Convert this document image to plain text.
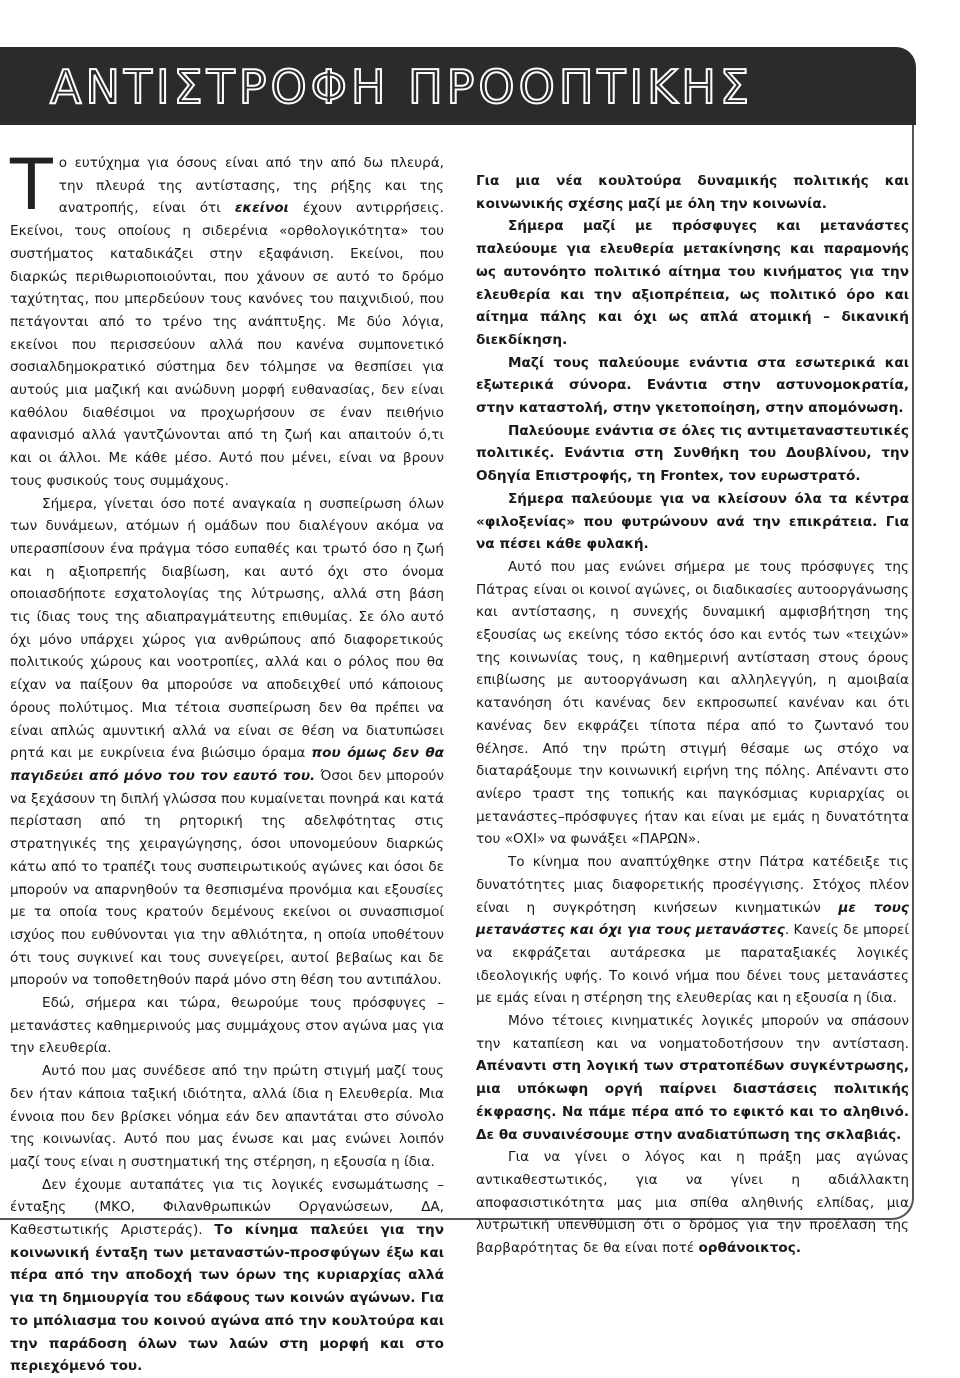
ΑΝΤΙΣΤΡΟΦΗ ΠΡΟΟΠΤΙΚΗΣ

Το ευτύχημα για όσους είναι από την από δω πλευρά, την πλευρά της αντίστασης, της ρήξης και της ανατροπής, είναι ότι εκείνοι έχουν αντιρρήσεις. Εκείνοι, τους οποίους η σιδερένια «ορθολογικότητα» του συστήματος καταδικάζει στην εξαφάνιση. Εκείνοι, που διαρκώς περιθωριοποιούνται, που χάνουν σε αυτό το δρόμο ταχύτητας, που μπερδεύουν τους κανόνες του παιχνιδιού, που πετάγονται από το τρένο της ανάπτυξης. Με δύο λόγια, εκείνοι που περισσεύουν αλλά που κανένα συμπονετικό σοσιαλδημοκρατικό σύστημα δεν τόλμησε να θεσπίσει για αυτούς μια μαζική και ανώδυνη μορφή ευθανασίας, δεν είναι καθόλου διαθέσιμοι να προχωρήσουν σε έναν πειθήνιο αφανισμό αλλά γαντζώνονται από τη ζωή και απαιτούν ό,τι και οι άλλοι. Με κάθε μέσο. Αυτό που μένει, είναι να βρουν τους φυσικούς τους συμμάχους.

Σήμερα, γίνεται όσο ποτέ αναγκαία η συσπείρωση όλων των δυνάμεων, ατόμων ή ομάδων που διαλέγουν ακόμα να υπερασπίσουν ένα πράγμα τόσο ευπαθές και τρωτό όσο η ζωή και η αξιοπρεπής διαβίωση, και αυτό όχι στο όνομα οποιασδήποτε εσχατολογίας της λύτρωσης, αλλά στη βάση τις ίδιας τους της αδιαπραγμάτευτης επιθυμίας. Σε όλο αυτό όχι μόνο υπάρχει χώρος για ανθρώπους από διαφορετικούς πολιτικούς χώρους και νοοτροπίες, αλλά και ο ρόλος που θα είχαν να παίξουν θα μπορούσε να αποδειχθεί υπό κάποιους όρους πολύτιμος. Μια τέτοια συσπείρωση δεν θα πρέπει να είναι απλώς αμυντική αλλά να είναι σε θέση να διατυπώσει ρητά και με ευκρίνεια ένα βιώσιμο όραμα που όμως δεν θα παγιδεύει από μόνο του τον εαυτό του. Όσοι δεν μπορούν να ξεχάσουν τη διπλή γλώσσα που κυμαίνεται πονηρά και κατά περίσταση από τη ρητορική της αδελφότητας στις στρατηγικές της χειραγώγησης, όσοι υπονομεύουν διαρκώς κάτω από το τραπέζι τους συσπειρωτικούς αγώνες και όσοι δε μπορούν να απαρνηθούν τα θεσπισμένα προνόμια και εξουσίες με τα οποία τους κρατούν δεμένους εκείνοι οι συνασπισμοί ισχύος που ευθύνονται για την αθλιότητα, η οποία υποθέτουν ότι τους συγκινεί και τους συνεγείρει, αυτοί βεβαίως και δε μπορούν να τοποθετηθούν παρά μόνο στη θέση του αντιπάλου.

Εδώ, σήμερα και τώρα, θεωρούμε τους πρόσφυγες – μετανάστες καθημερινούς μας συμμάχους στον αγώνα μας για την ελευθερία.

Αυτό που μας συνέδεσε από την πρώτη στιγμή μαζί τους δεν ήταν κάποια ταξική ιδιότητα, αλλά ίδια η Ελευθερία. Μια έννοια που δεν βρίσκει νόημα εάν δεν απαντάται στο σύνολο της κοινωνίας. Αυτό που μας ένωσε και μας ενώνει λοιπόν μαζί τους είναι η συστηματική της στέρηση, η εξουσία η ίδια.

Δεν έχουμε αυταπάτες για τις λογικές ενσωμάτωσης – ένταξης (ΜΚΟ, Φιλανθρωπικών Οργανώσεων, ΔΑ, Καθεστωτικής Αριστεράς). Το κίνημα παλεύει για την κοινωνική ένταξη των μεταναστών-προσφύγων έξω και πέρα από την αποδοχή των όρων της κυριαρχίας αλλά για τη δημιουργία του εδάφους των κοινών αγώνων. Για το μπόλιασμα του κοινού αγώνα από την κουλτούρα και την παράδοση όλων των λαών στη μορφή και στο περιεχόμενό του.

Για μια νέα κουλτούρα δυναμικής πολιτικής και κοινωνικής σχέσης μαζί με όλη την κοινωνία.

Σήμερα μαζί με πρόσφυγες και μετανάστες παλεύουμε για ελευθερία μετακίνησης και παραμονής ως αυτονόητο πολιτικό αίτημα του κινήματος για την ελευθερία και την αξιοπρέπεια, ως πολιτικό όρο και αίτημα πάλης και όχι ως απλά ατομική – δικανική διεκδίκηση.

Μαζί τους παλεύουμε ενάντια στα εσωτερικά και εξωτερικά σύνορα. Ενάντια στην αστυνομοκρατία, στην καταστολή, στην γκετοποίηση, στην απομόνωση.

Παλεύουμε ενάντια σε όλες τις αντιμεταναστευτικές πολιτικές. Ενάντια στη Συνθήκη του Δουβλίνου, την Οδηγία Επιστροφής, τη Frontex, τον ευρωστρατό.

Σήμερα παλεύουμε για να κλείσουν όλα τα κέντρα «φιλοξενίας» που φυτρώνουν ανά την επικράτεια. Για να πέσει κάθε φυλακή.

Αυτό που μας ενώνει σήμερα με τους πρόσφυγες της Πάτρας είναι οι κοινοί αγώνες, οι διαδικασίες αυτοοργάνωσης και αντίστασης, η συνεχής δυναμική αμφισβήτηση της εξουσίας ως εκείνης τόσο εκτός όσο και εντός των «τειχών» της κοινωνίας τους, η καθημερινή αντίσταση στους όρους επιβίωσης με αυτοοργάνωση και αλληλεγγύη, η αμοιβαία κατανόηση ότι κανένας δεν εκπροσωπεί κανέναν και ότι κανένας δεν εκφράζει τίποτα πέρα από το ζωντανό του θέλησε. Από την πρώτη στιγμή θέσαμε ως στόχο να διαταράξουμε την κοινωνική ειρήνη της πόλης. Απέναντι στο ανίερο τραστ της τοπικής και παγκόσμιας κυριαρχίας οι μετανάστες–πρόσφυγες ήταν και είναι με εμάς η δυνατότητα του «ΟΧΙ» να φωνάξει «ΠΑΡΩΝ».

Το κίνημα που αναπτύχθηκε στην Πάτρα κατέδειξε τις δυνατότητες μιας διαφορετικής προσέγγισης. Στόχος πλέον είναι η συγκρότηση κινήσεων κινηματικών με τους μετανάστες και όχι για τους μετανάστες. Κανείς δε μπορεί να εκφράζεται αυτάρεσκα με παραταξιακές λογικές ιδεολογικής υφής. Το κοινό νήμα που δένει τους μετανάστες με εμάς είναι η στέρηση της ελευθερίας και η εξουσία η ίδια.

Μόνο τέτοιες κινηματικές λογικές μπορούν να σπάσουν την καταπίεση και να νοηματοδοτήσουν την αντίσταση. Απέναντι στη λογική των στρατοπέδων συγκέντρωσης, μια υπόκωφη οργή παίρνει διαστάσεις πολιτικής έκφρασης. Να πάμε πέρα από το εφικτό και το αληθινό. Δε θα συναινέσουμε στην αναδιατύπωση της σκλαβιάς.

Για να γίνει ο λόγος και η πράξη μας αγώνας αντικαθεστωτικός, για να γίνει η αδιάλλακτη αποφασιστικότητα μας μια σπίθα αληθινής ελπίδας, μια λυτρωτική υπενθύμιση ότι ο δρόμος για την προέλαση της βαρβαρότητας δε θα είναι ποτέ ορθάνοικτος.
